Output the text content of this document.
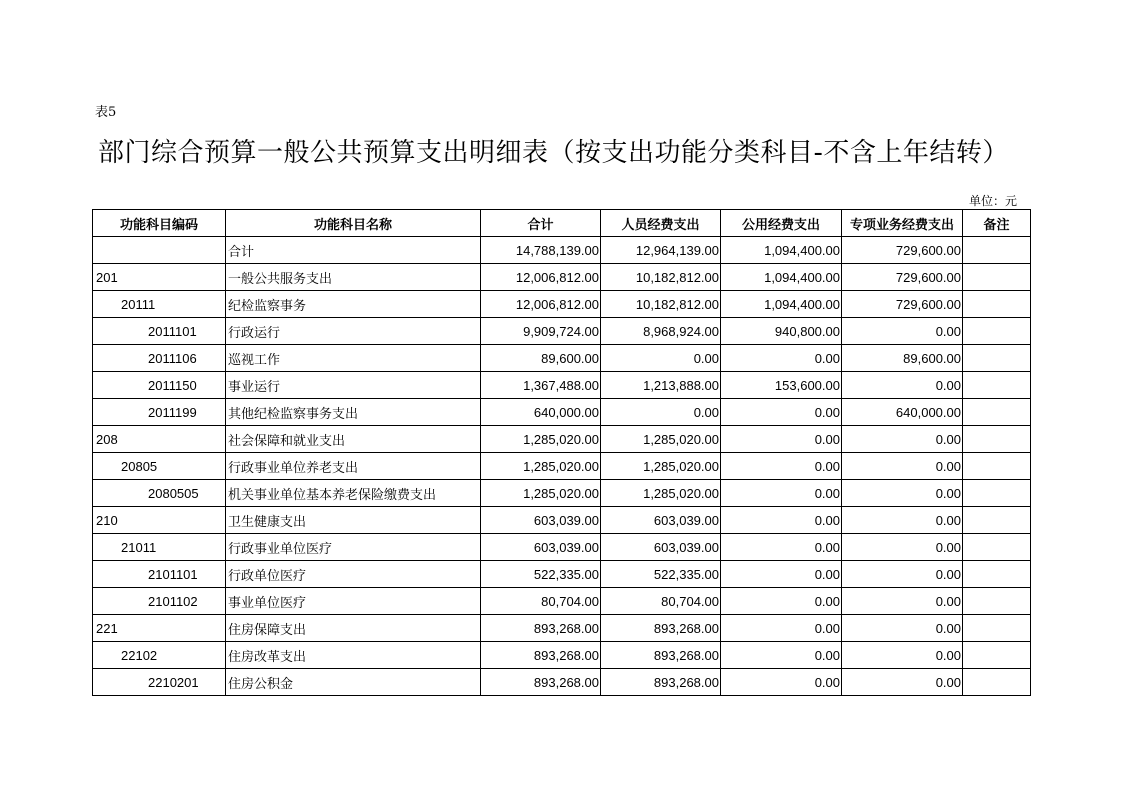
表5
部门综合预算一般公共预算支出明细表（按支出功能分类科目-不含上年结转）
单位：元
功能科目编码	功能科目名称	合计	人员经费支出	公用经费支出	专项业务经费支出	备注
	合计	14,788,139.00	12,964,139.00	1,094,400.00	729,600.00	
201	一般公共服务支出	12,006,812.00	10,182,812.00	1,094,400.00	729,600.00	
20111	纪检监察事务	12,006,812.00	10,182,812.00	1,094,400.00	729,600.00	
2011101	行政运行	9,909,724.00	8,968,924.00	940,800.00	0.00	
2011106	巡视工作	89,600.00	0.00	0.00	89,600.00	
2011150	事业运行	1,367,488.00	1,213,888.00	153,600.00	0.00	
2011199	其他纪检监察事务支出	640,000.00	0.00	0.00	640,000.00	
208	社会保障和就业支出	1,285,020.00	1,285,020.00	0.00	0.00	
20805	行政事业单位养老支出	1,285,020.00	1,285,020.00	0.00	0.00	
2080505	机关事业单位基本养老保险缴费支出	1,285,020.00	1,285,020.00	0.00	0.00	
210	卫生健康支出	603,039.00	603,039.00	0.00	0.00	
21011	行政事业单位医疗	603,039.00	603,039.00	0.00	0.00	
2101101	行政单位医疗	522,335.00	522,335.00	0.00	0.00	
2101102	事业单位医疗	80,704.00	80,704.00	0.00	0.00	
221	住房保障支出	893,268.00	893,268.00	0.00	0.00	
22102	住房改革支出	893,268.00	893,268.00	0.00	0.00	
2210201	住房公积金	893,268.00	893,268.00	0.00	0.00	
